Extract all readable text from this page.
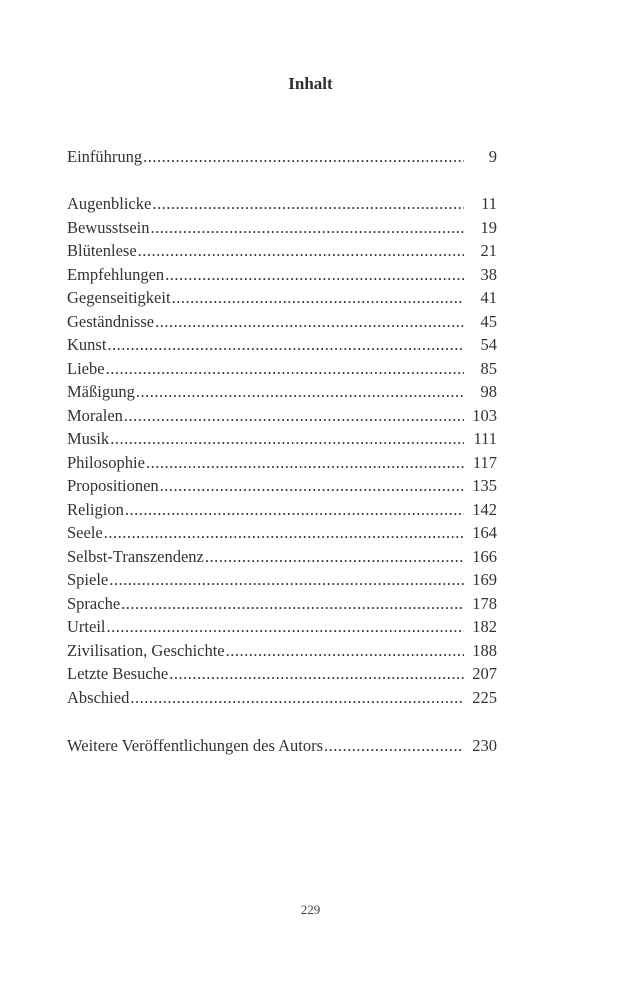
Inhalt
Einführung .....	9
Augenblicke .....	11
Bewusstsein .....	19
Blütenlese .....	21
Empfehlungen .....	38
Gegenseitigkeit .....	41
Geständnisse .....	45
Kunst .....	54
Liebe .....	85
Mäßigung .....	98
Moralen .....	103
Musik .....	111
Philosophie .....	117
Propositionen .....	135
Religion .....	142
Seele .....	164
Selbst-Transzendenz .....	166
Spiele .....	169
Sprache .....	178
Urteil .....	182
Zivilisation, Geschichte .....	188
Letzte Besuche .....	207
Abschied .....	225
Weitere Veröffentlichungen des Autors .....	230
229
